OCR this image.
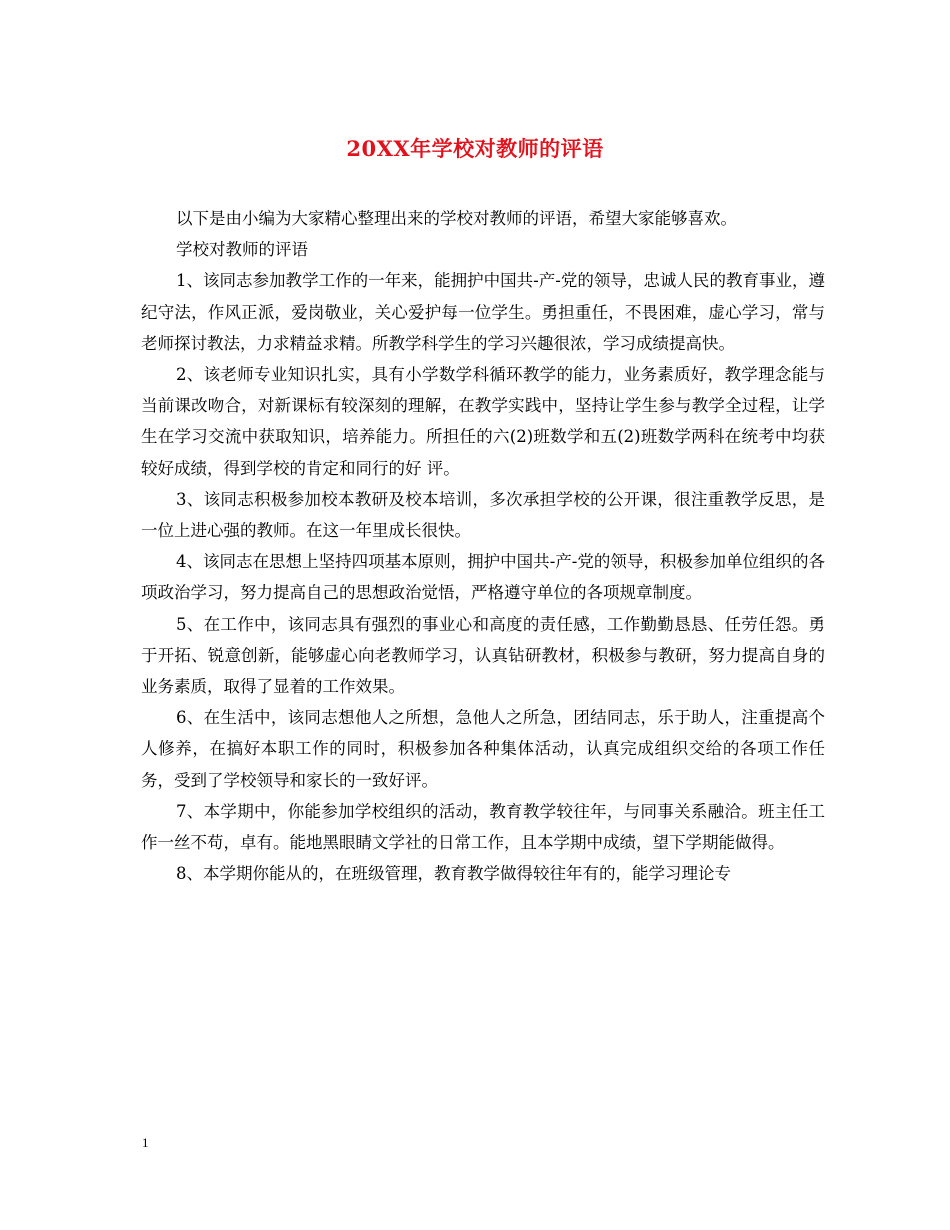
20XX年学校对教师的评语

以下是由小编为大家精心整理出来的学校对教师的评语，希望大家能够喜欢。

学校对教师的评语

1、该同志参加教学工作的一年来，能拥护中国共-产-党的领导，忠诚人民的教育事业，遵纪守法，作风正派，爱岗敬业，关心爱护每一位学生。勇担重任，不畏困难，虚心学习，常与老师探讨教法，力求精益求精。所教学科学生的学习兴趣很浓，学习成绩提高快。

2、该老师专业知识扎实，具有小学数学科循环教学的能力，业务素质好，教学理念能与当前课改吻合，对新课标有较深刻的理解，在教学实践中，坚持让学生参与教学全过程，让学生在学习交流中获取知识，培养能力。所担任的六(2)班数学和五(2)班数学两科在统考中均获较好成绩，得到学校的肯定和同行的好 评。

3、该同志积极参加校本教研及校本培训，多次承担学校的公开课，很注重教学反思，是一位上进心强的教师。在这一年里成长很快。

4、该同志在思想上坚持四项基本原则，拥护中国共-产-党的领导，积极参加单位组织的各项政治学习，努力提高自己的思想政治觉悟，严格遵守单位的各项规章制度。

5、在工作中，该同志具有强烈的事业心和高度的责任感，工作勤勤恳恳、任劳任怨。勇于开拓、锐意创新，能够虚心向老教师学习，认真钻研教材，积极参与教研，努力提高自身的业务素质，取得了显着的工作效果。

6、在生活中，该同志想他人之所想，急他人之所急，团结同志，乐于助人，注重提高个人修养，在搞好本职工作的同时，积极参加各种集体活动，认真完成组织交给的各项工作任务，受到了学校领导和家长的一致好评。

7、本学期中，你能参加学校组织的活动，教育教学较往年，与同事关系融洽。班主任工作一丝不苟，卓有。能地黑眼睛文学社的日常工作，且本学期中成绩，望下学期能做得。

8、本学期你能从的，在班级管理，教育教学做得较往年有的，能学习理论专

1
